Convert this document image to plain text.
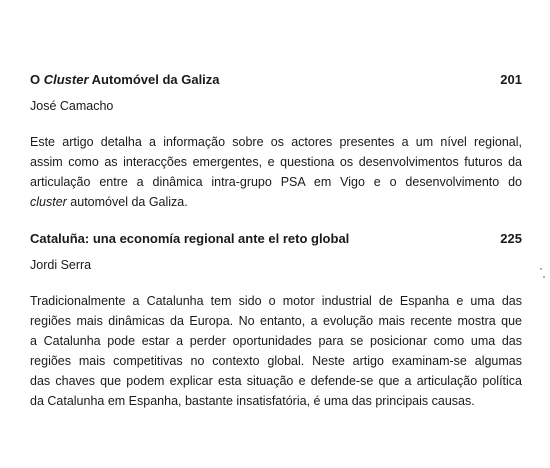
O Cluster Automóvel da Galiza	201
José Camacho

Este artigo detalha a informação sobre os actores presentes a um nível regional,
assim como as interacções emergentes, e questiona os desenvolvimentos futuros da
articulação entre a dinâmica intra-grupo PSA em Vigo e o desenvolvimento do
cluster automóvel da Galiza.

Cataluña: una economía regional ante el reto global	225
Jordi Serra

Tradicionalmente a Catalunha tem sido o motor industrial de Espanha e uma das
regiões mais dinâmicas da Europa. No entanto, a evolução mais recente mostra que
a Catalunha pode estar a perder oportunidades para se posicionar como uma das
regiões mais competitivas no contexto global. Neste artigo examinam-se algumas
das chaves que podem explicar esta situação e defende-se que a articulação política
da Catalunha em Espanha, bastante insatisfatória, é uma das principais causas.
